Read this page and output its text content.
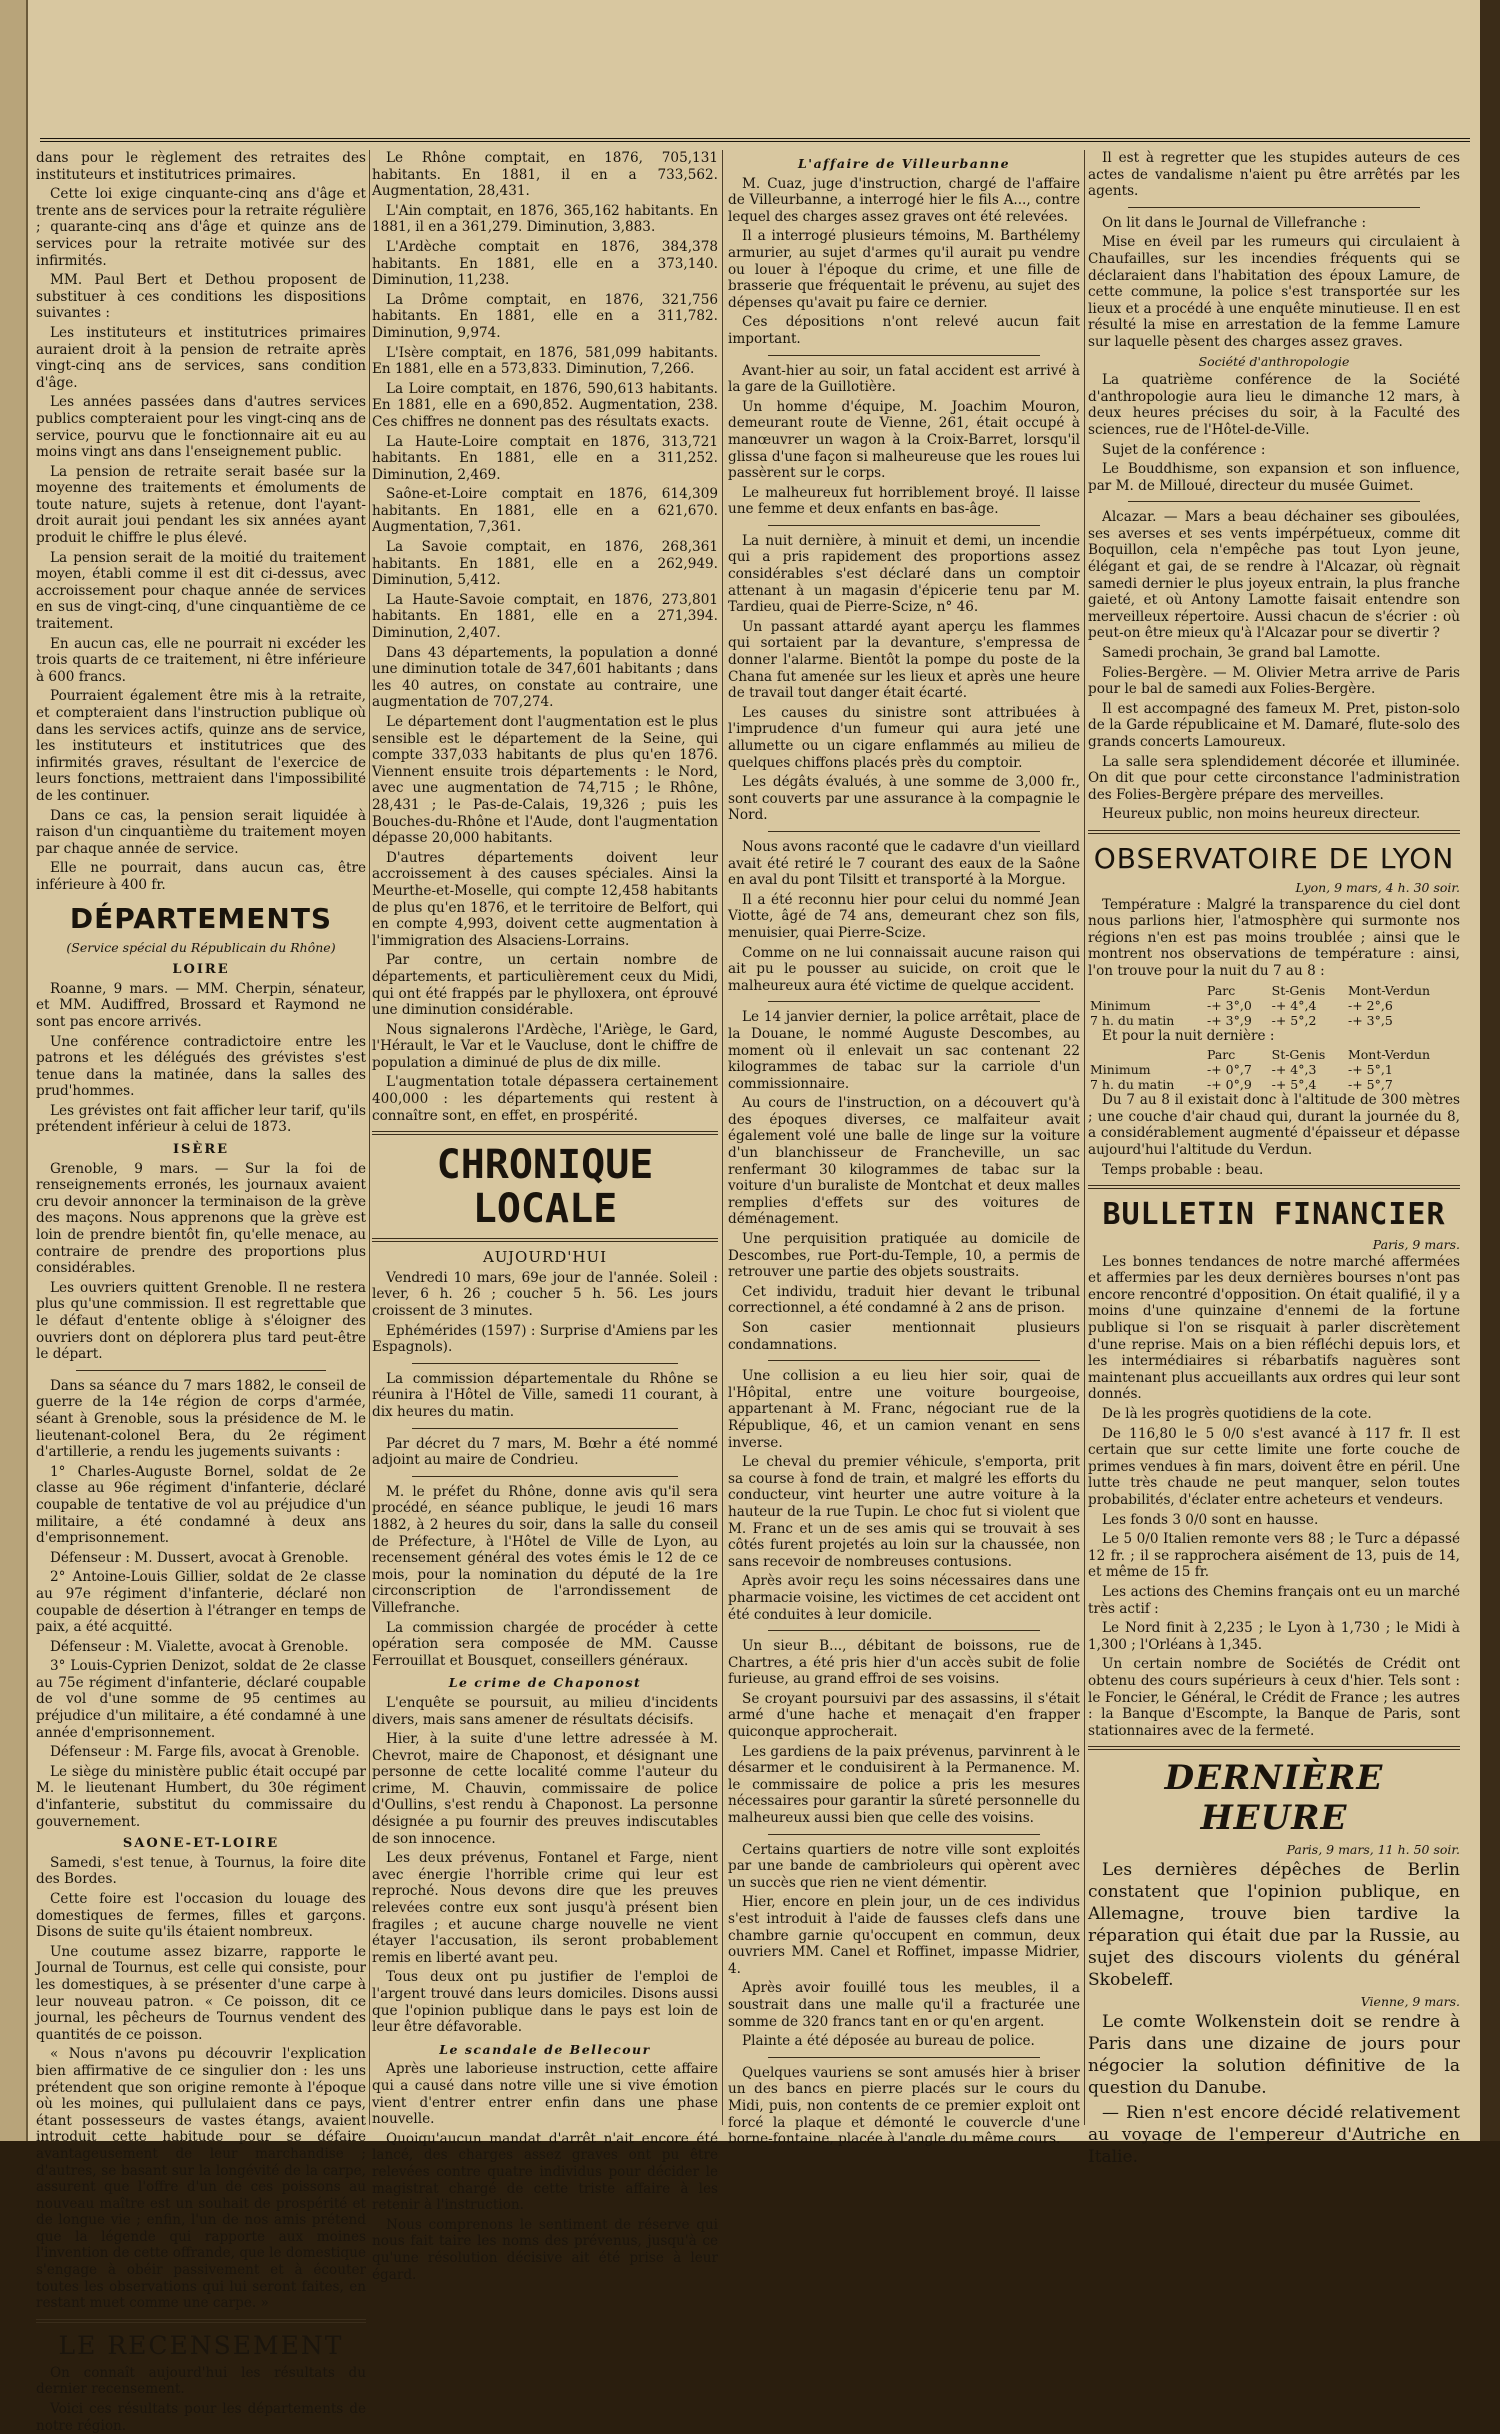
dans pour le règlement des retraites des instituteurs et institutrices primaires.

Cette loi exige cinquante-cinq ans d'âge et trente ans de services pour la retraite régulière ; quarante-cinq ans d'âge et quinze ans de services pour la retraite motivée sur des infirmités.

MM. Paul Bert et Dethou proposent de substituer à ces conditions les dispositions suivantes :

Les instituteurs et institutrices primaires auraient droit à la pension de retraite après vingt-cinq ans de services, sans condition d'âge.

Les années passées dans d'autres services publics compteraient pour les vingt-cinq ans de service, pourvu que le fonctionnaire ait eu au moins vingt ans dans l'enseignement public.

La pension de retraite serait basée sur la moyenne des traitements et émoluments de toute nature, sujets à retenue, dont l'ayant-droit aurait joui pendant les six années ayant produit le chiffre le plus élevé.

La pension serait de la moitié du traitement moyen, établi comme il est dit ci-dessus, avec accroissement pour chaque année de services en sus de vingt-cinq, d'une cinquantième de ce traitement.

En aucun cas, elle ne pourrait ni excéder les trois quarts de ce traitement, ni être inférieure à 600 francs.

Pourraient également être mis à la retraite, et compteraient dans l'instruction publique où dans les services actifs, quinze ans de service, les instituteurs et institutrices que des infirmités graves, résultant de l'exercice de leurs fonctions, mettraient dans l'impossibilité de les continuer.

Dans ce cas, la pension serait liquidée à raison d'un cinquantième du traitement moyen par chaque année de service.

Elle ne pourrait, dans aucun cas, être inférieure à 400 fr.

DÉPARTEMENTS
(Service spécial du Républicain du Rhône)
LOIRE

Roanne, 9 mars. — MM. Cherpin, sénateur, et MM. Audiffred, Brossard et Raymond ne sont pas encore arrivés.

Une conférence contradictoire entre les patrons et les délégués des grévistes s'est tenue dans la matinée, dans la salles des prud'hommes.

Les grévistes ont fait afficher leur tarif, qu'ils prétendent inférieur à celui de 1873.

ISÈRE

Grenoble, 9 mars. — Sur la foi de renseignements erronés, les journaux avaient cru devoir annoncer la terminaison de la grève des maçons. Nous apprenons que la grève est loin de prendre bientôt fin, qu'elle menace, au contraire de prendre des proportions plus considérables.

Les ouvriers quittent Grenoble. Il ne restera plus qu'une commission. Il est regrettable que le défaut d'entente oblige à s'éloigner des ouvriers dont on déplorera plus tard peut-être le départ.

Dans sa séance du 7 mars 1882, le conseil de guerre de la 14e région de corps d'armée, séant à Grenoble, sous la présidence de M. le lieutenant-colonel Bera, du 2e régiment d'artillerie, a rendu les jugements suivants :

1° Charles-Auguste Bornel, soldat de 2e classe au 96e régiment d'infanterie, déclaré coupable de tentative de vol au préjudice d'un militaire, a été condamné à deux ans d'emprisonnement.

Défenseur : M. Dussert, avocat à Grenoble.

2° Antoine-Louis Gillier, soldat de 2e classe au 97e régiment d'infanterie, déclaré non coupable de désertion à l'étranger en temps de paix, a été acquitté.

Défenseur : M. Vialette, avocat à Grenoble.

3° Louis-Cyprien Denizot, soldat de 2e classe au 75e régiment d'infanterie, déclaré coupable de vol d'une somme de 95 centimes au préjudice d'un militaire, a été condamné à une année d'emprisonnement.

Défenseur : M. Farge fils, avocat à Grenoble.

Le siège du ministère public était occupé par M. le lieutenant Humbert, du 30e régiment d'infanterie, substitut du commissaire du gouvernement.

SAONE-ET-LOIRE

Samedi, s'est tenue, à Tournus, la foire dite des Bordes.

Cette foire est l'occasion du louage des domestiques de fermes, filles et garçons. Disons de suite qu'ils étaient nombreux.

Une coutume assez bizarre, rapporte le Journal de Tournus, est celle qui consiste, pour les domestiques, à se présenter d'une carpe à leur nouveau patron. « Ce poisson, dit ce journal, les pêcheurs de Tournus vendent des quantités de ce poisson.

« Nous n'avons pu découvrir l'explication bien affirmative de ce singulier don : les uns prétendent que son origine remonte à l'époque où les moines, qui pullulaient dans ce pays, étant possesseurs de vastes étangs, avaient introduit cette habitude pour se défaire avantageusement de leur marchandise ; d'autres, se basant sur la longévité de la carpe, assurent que l'offre d'un de ces poissons au nouveau maître est un souhait de prospérité et de longue vie ; enfin, l'un de nos amis prétend que la légende qui rapporte aux moines l'invention de cette offrande, que le domestique s'engage à obéir passivement et à écouter toutes les observations qui lui seront faites, en restant muet comme une carpe. »

LE RECENSEMENT

On connaît aujourd'hui les résultats du dernier recensement.

Voici ces résultats pour les départements de notre région.

Le Rhône comptait, en 1876, 705,131 habitants. En 1881, il en a 733,562. Augmentation, 28,431.

L'Ain comptait, en 1876, 365,162 habitants. En 1881, il en a 361,279. Diminution, 3,883.

L'Ardèche comptait en 1876, 384,378 habitants. En 1881, elle en a 373,140. Diminution, 11,238.

La Drôme comptait, en 1876, 321,756 habitants. En 1881, elle en a 311,782. Diminution, 9,974.

L'Isère comptait, en 1876, 581,099 habitants. En 1881, elle en a 573,833. Diminution, 7,266.

La Loire comptait, en 1876, 590,613 habitants. En 1881, elle en a 690,852. Augmentation, 238. Ces chiffres ne donnent pas des résultats exacts.

La Haute-Loire comptait en 1876, 313,721 habitants. En 1881, elle en a 311,252. Diminution, 2,469.

Saône-et-Loire comptait en 1876, 614,309 habitants. En 1881, elle en a 621,670. Augmentation, 7,361.

La Savoie comptait, en 1876, 268,361 habitants. En 1881, elle en a 262,949. Diminution, 5,412.

La Haute-Savoie comptait, en 1876, 273,801 habitants. En 1881, elle en a 271,394. Diminution, 2,407.

Dans 43 départements, la population a donné une diminution totale de 347,601 habitants ; dans les 40 autres, on constate au contraire, une augmentation de 707,274.

Le département dont l'augmentation est le plus sensible est le département de la Seine, qui compte 337,033 habitants de plus qu'en 1876. Viennent ensuite trois départements : le Nord, avec une augmentation de 74,715 ; le Rhône, 28,431 ; le Pas-de-Calais, 19,326 ; puis les Bouches-du-Rhône et l'Aude, dont l'augmentation dépasse 20,000 habitants.

D'autres départements doivent leur accroissement à des causes spéciales. Ainsi la Meurthe-et-Moselle, qui compte 12,458 habitants de plus qu'en 1876, et le territoire de Belfort, qui en compte 4,993, doivent cette augmentation à l'immigration des Alsaciens-Lorrains.

Par contre, un certain nombre de départements, et particulièrement ceux du Midi, qui ont été frappés par le phylloxera, ont éprouvé une diminution considérable.

Nous signalerons l'Ardèche, l'Ariège, le Gard, l'Hérault, le Var et le Vaucluse, dont le chiffre de population a diminué de plus de dix mille.

L'augmentation totale dépassera certainement 400,000 : les départements qui restent à connaître sont, en effet, en prospérité.

CHRONIQUE LOCALE
AUJOURD'HUI

Vendredi 10 mars, 69e jour de l'année. Soleil : lever, 6 h. 26 ; coucher 5 h. 56. Les jours croissent de 3 minutes.

Ephémérides (1597) : Surprise d'Amiens par les Espagnols).

La commission départementale du Rhône se réunira à l'Hôtel de Ville, samedi 11 courant, à dix heures du matin.

Par décret du 7 mars, M. Bœhr a été nommé adjoint au maire de Condrieu.

M. le préfet du Rhône, donne avis qu'il sera procédé, en séance publique, le jeudi 16 mars 1882, à 2 heures du soir, dans la salle du conseil de Préfecture, à l'Hôtel de Ville de Lyon, au recensement général des votes émis le 12 de ce mois, pour la nomination du député de la 1re circonscription de l'arrondissement de Villefranche.

La commission chargée de procéder à cette opération sera composée de MM. Causse Ferrouillat et Bousquet, conseillers généraux.

Le crime de Chaponost

L'enquête se poursuit, au milieu d'incidents divers, mais sans amener de résultats décisifs.

Hier, à la suite d'une lettre adressée à M. Chevrot, maire de Chaponost, et désignant une personne de cette localité comme l'auteur du crime, M. Chauvin, commissaire de police d'Oullins, s'est rendu à Chaponost. La personne désignée a pu fournir des preuves indiscutables de son innocence.

Les deux prévenus, Fontanel et Farge, nient avec énergie l'horrible crime qui leur est reproché. Nous devons dire que les preuves relevées contre eux sont jusqu'à présent bien fragiles ; et aucune charge nouvelle ne vient étayer l'accusation, ils seront probablement remis en liberté avant peu.

Tous deux ont pu justifier de l'emploi de l'argent trouvé dans leurs domiciles. Disons aussi que l'opinion publique dans le pays est loin de leur être défavorable.

Le scandale de Bellecour

Après une laborieuse instruction, cette affaire qui a causé dans notre ville une si vive émotion vient d'entrer entrer enfin dans une phase nouvelle.

Quoiqu'aucun mandat d'arrêt n'ait encore été lancé, des charges assez graves ont pu être relevées contre quatre individus pour décider le magistrat chargé de cette triste affaire à les retenir à l'instruction.

Nous comprenons le sentiment de réserve qui nous fait taire les noms des prévenus, jusqu'à ce qu'une résolution décisive ait été prise à leur égard.

L'affaire de Villeurbanne

M. Cuaz, juge d'instruction, chargé de l'affaire de Villeurbanne, a interrogé hier le fils A..., contre lequel des charges assez graves ont été relevées.

Il a interrogé plusieurs témoins, M. Barthélemy armurier, au sujet d'armes qu'il aurait pu vendre ou louer à l'époque du crime, et une fille de brasserie que fréquentait le prévenu, au sujet des dépenses qu'avait pu faire ce dernier.

Ces dépositions n'ont relevé aucun fait important.

Avant-hier au soir, un fatal accident est arrivé à la gare de la Guillotière.

Un homme d'équipe, M. Joachim Mouron, demeurant route de Vienne, 261, était occupé à manœuvrer un wagon à la Croix-Barret, lorsqu'il glissa d'une façon si malheureuse que les roues lui passèrent sur le corps.

Le malheureux fut horriblement broyé. Il laisse une femme et deux enfants en bas-âge.

La nuit dernière, à minuit et demi, un incendie qui a pris rapidement des proportions assez considérables s'est déclaré dans un comptoir attenant à un magasin d'épicerie tenu par M. Tardieu, quai de Pierre-Scize, n° 46.

Un passant attardé ayant aperçu les flammes qui sortaient par la devanture, s'empressa de donner l'alarme. Bientôt la pompe du poste de la Chana fut amenée sur les lieux et après une heure de travail tout danger était écarté.

Les causes du sinistre sont attribuées à l'imprudence d'un fumeur qui aura jeté une allumette ou un cigare enflammés au milieu de quelques chiffons placés près du comptoir.

Les dégâts évalués, à une somme de 3,000 fr., sont couverts par une assurance à la compagnie le Nord.

Nous avons raconté que le cadavre d'un vieillard avait été retiré le 7 courant des eaux de la Saône en aval du pont Tilsitt et transporté à la Morgue.

Il a été reconnu hier pour celui du nommé Jean Viotte, âgé de 74 ans, demeurant chez son fils, menuisier, quai Pierre-Scize.

Comme on ne lui connaissait aucune raison qui ait pu le pousser au suicide, on croit que le malheureux aura été victime de quelque accident.

Le 14 janvier dernier, la police arrêtait, place de la Douane, le nommé Auguste Descombes, au moment où il enlevait un sac contenant 22 kilogrammes de tabac sur la carriole d'un commissionnaire.

Au cours de l'instruction, on a découvert qu'à des époques diverses, ce malfaiteur avait également volé une balle de linge sur la voiture d'un blanchisseur de Francheville, un sac renfermant 30 kilogrammes de tabac sur la voiture d'un buraliste de Montchat et deux malles remplies d'effets sur des voitures de déménagement.

Une perquisition pratiquée au domicile de Descombes, rue Port-du-Temple, 10, a permis de retrouver une partie des objets soustraits.

Cet individu, traduit hier devant le tribunal correctionnel, a été condamné à 2 ans de prison.

Son casier mentionnait plusieurs condamnations.

Une collision a eu lieu hier soir, quai de l'Hôpital, entre une voiture bourgeoise, appartenant à M. Franc, négociant rue de la République, 46, et un camion venant en sens inverse.

Le cheval du premier véhicule, s'emporta, prit sa course à fond de train, et malgré les efforts du conducteur, vint heurter une autre voiture à la hauteur de la rue Tupin. Le choc fut si violent que M. Franc et un de ses amis qui se trouvait à ses côtés furent projetés au loin sur la chaussée, non sans recevoir de nombreuses contusions.

Après avoir reçu les soins nécessaires dans une pharmacie voisine, les victimes de cet accident ont été conduites à leur domicile.

Un sieur B..., débitant de boissons, rue de Chartres, a été pris hier d'un accès subit de folie furieuse, au grand effroi de ses voisins.

Se croyant poursuivi par des assassins, il s'était armé d'une hache et menaçait d'en frapper quiconque approcherait.

Les gardiens de la paix prévenus, parvinrent à le désarmer et le conduisirent à la Permanence. M. le commissaire de police a pris les mesures nécessaires pour garantir la sûreté personnelle du malheureux aussi bien que celle des voisins.

Certains quartiers de notre ville sont exploités par une bande de cambrioleurs qui opèrent avec un succès que rien ne vient démentir.

Hier, encore en plein jour, un de ces individus s'est introduit à l'aide de fausses clefs dans une chambre garnie qu'occupent en commun, deux ouvriers MM. Canel et Roffinet, impasse Midrier, 4.

Après avoir fouillé tous les meubles, il a soustrait dans une malle qu'il a fracturée une somme de 320 francs tant en or qu'en argent.

Plainte a été déposée au bureau de police.

Quelques vauriens se sont amusés hier à briser un des bancs en pierre placés sur le cours du Midi, puis, non contents de ce premier exploit ont forcé la plaque et démonté le couvercle d'une borne-fontaine, placée à l'angle du même cours.

Il est à regretter que les stupides auteurs de ces actes de vandalisme n'aient pu être arrêtés par les agents.

On lit dans le Journal de Villefranche :

Mise en éveil par les rumeurs qui circulaient à Chaufailles, sur les incendies fréquents qui se déclaraient dans l'habitation des époux Lamure, de cette commune, la police s'est transportée sur les lieux et a procédé à une enquête minutieuse. Il en est résulté la mise en arrestation de la femme Lamure sur laquelle pèsent des charges assez graves.

Société d'anthropologie

La quatrième conférence de la Société d'anthropologie aura lieu le dimanche 12 mars, à deux heures précises du soir, à la Faculté des sciences, rue de l'Hôtel-de-Ville.

Sujet de la conférence :

Le Bouddhisme, son expansion et son influence, par M. de Milloué, directeur du musée Guimet.

Alcazar. — Mars a beau déchainer ses giboulées, ses averses et ses vents impérpétueux, comme dit Boquillon, cela n'empêche pas tout Lyon jeune, élégant et gai, de se rendre à l'Alcazar, où règnait samedi dernier le plus joyeux entrain, la plus franche gaieté, et où Antony Lamotte faisait entendre son merveilleux répertoire. Aussi chacun de s'écrier : où peut-on être mieux qu'à l'Alcazar pour se divertir ?

Samedi prochain, 3e grand bal Lamotte.

Folies-Bergère. — M. Olivier Metra arrive de Paris pour le bal de samedi aux Folies-Bergère.

Il est accompagné des fameux M. Pret, piston-solo de la Garde républicaine et M. Damaré, flute-solo des grands concerts Lamoureux.

La salle sera splendidement décorée et illuminée. On dit que pour cette circonstance l'administration des Folies-Bergère prépare des merveilles.

Heureux public, non moins heureux directeur.

OBSERVATOIRE DE LYON
Lyon, 9 mars, 4 h. 30 soir.

Température : Malgré la transparence du ciel dont nous parlions hier, l'atmosphère qui surmonte nos régions n'en est pas moins troublée ; ainsi que le montrent nos observations de température : ainsi, l'on trouve pour la nuit du 7 au 8 :

	Parc	St-Genis	Mont-Verdun
Minimum	-+ 3°,0	-+ 4°,4	-+ 2°,6
7 h. du matin	-+ 3°,9	-+ 5°,2	-+ 3°,5

Et pour la nuit dernière :

	Parc	St-Genis	Mont-Verdun
Minimum	-+ 0°,7	-+ 4°,3	-+ 5°,1
7 h. du matin	-+ 0°,9	-+ 5°,4	-+ 5°,7

Du 7 au 8 il existait donc à l'altitude de 300 mètres ; une couche d'air chaud qui, durant la journée du 8, a considérablement augmenté d'épaisseur et dépasse aujourd'hui l'altitude du Verdun.

Temps probable : beau.

BULLETIN FINANCIER
Paris, 9 mars.

Les bonnes tendances de notre marché affermées et affermies par les deux dernières bourses n'ont pas encore rencontré d'opposition. On était qualifié, il y a moins d'une quinzaine d'ennemi de la fortune publique si l'on se risquait à parler discrètement d'une reprise. Mais on a bien réfléchi depuis lors, et les intermédiaires si rébarbatifs naguères sont maintenant plus accueillants aux ordres qui leur sont donnés.

De là les progrès quotidiens de la cote.

De 116,80 le 5 0/0 s'est avancé à 117 fr. Il est certain que sur cette limite une forte couche de primes vendues à fin mars, doivent être en péril. Une lutte très chaude ne peut manquer, selon toutes probabilités, d'éclater entre acheteurs et vendeurs.

Les fonds 3 0/0 sont en hausse.

Le 5 0/0 Italien remonte vers 88 ; le Turc a dépassé 12 fr. ; il se rapprochera aisément de 13, puis de 14, et même de 15 fr.

Les actions des Chemins français ont eu un marché très actif :

Le Nord finit à 2,235 ; le Lyon à 1,730 ; le Midi à 1,300 ; l'Orléans à 1,345.

Un certain nombre de Sociétés de Crédit ont obtenu des cours supérieurs à ceux d'hier. Tels sont : le Foncier, le Général, le Crédit de France ; les autres : la Banque d'Escompte, la Banque de Paris, sont stationnaires avec de la fermeté.

DERNIÈRE HEURE
Paris, 9 mars, 11 h. 50 soir.

Les dernières dépêches de Berlin constatent que l'opinion publique, en Allemagne, trouve bien tardive la réparation qui était due par la Russie, au sujet des discours violents du général Skobeleff.

Vienne, 9 mars.

Le comte Wolkenstein doit se rendre à Paris dans une dizaine de jours pour négocier la solution définitive de la question du Danube.

— Rien n'est encore décidé relativement au voyage de l'empereur d'Autriche en Italie.
